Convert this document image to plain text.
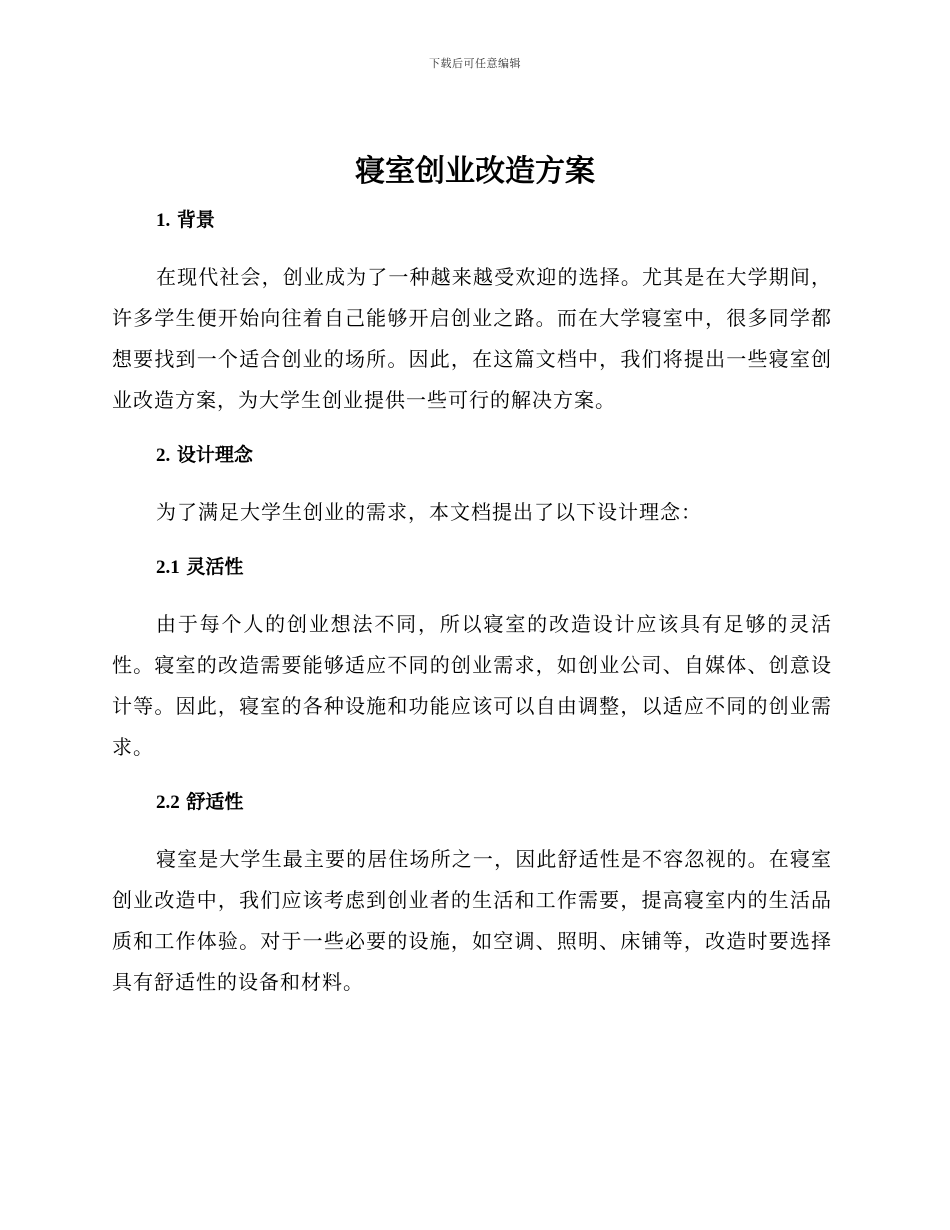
下载后可任意编辑
寝室创业改造方案
1. 背景

在现代社会，创业成为了一种越来越受欢迎的选择。尤其是在大学期间，许多学生便开始向往着自己能够开启创业之路。而在大学寝室中，很多同学都想要找到一个适合创业的场所。因此，在这篇文档中，我们将提出一些寝室创业改造方案，为大学生创业提供一些可行的解决方案。

2. 设计理念

为了满足大学生创业的需求，本文档提出了以下设计理念：

2.1 灵活性

由于每个人的创业想法不同，所以寝室的改造设计应该具有足够的灵活性。寝室的改造需要能够适应不同的创业需求，如创业公司、自媒体、创意设计等。因此，寝室的各种设施和功能应该可以自由调整，以适应不同的创业需求。

2.2 舒适性

寝室是大学生最主要的居住场所之一，因此舒适性是不容忽视的。在寝室创业改造中，我们应该考虑到创业者的生活和工作需要，提高寝室内的生活品质和工作体验。对于一些必要的设施，如空调、照明、床铺等，改造时要选择具有舒适性的设备和材料。
